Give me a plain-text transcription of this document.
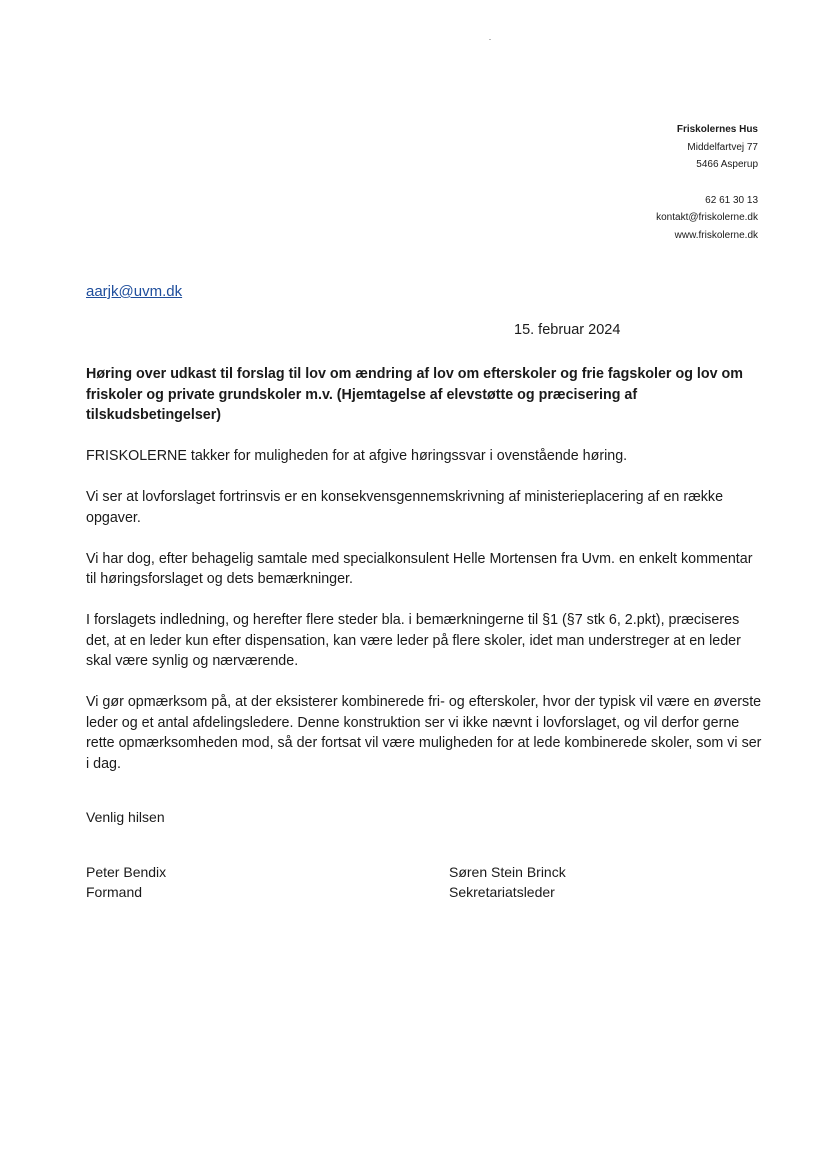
Friskolernes Hus
Middelfartvej 77
5466 Asperup
62 61 30 13
kontakt@friskolerne.dk
www.friskolerne.dk
aarjk@uvm.dk
15. februar 2024
Høring over udkast til forslag til lov om ændring af lov om efterskoler og frie fagskoler og lov om friskoler og private grundskoler m.v. (Hjemtagelse af elevstøtte og præcisering af tilskudsbetingelser)

FRISKOLERNE takker for muligheden for at afgive høringssvar i ovenstående høring.

Vi ser at lovforslaget fortrinsvis er en konsekvensgennemskrivning af ministerieplacering af en række opgaver.

Vi har dog, efter behagelig samtale med specialkonsulent Helle Mortensen fra Uvm. en enkelt kommentar til høringsforslaget og dets bemærkninger.

I forslagets indledning, og herefter flere steder bla. i bemærkningerne til §1 (§7 stk 6, 2.pkt), præciseres det, at en leder kun efter dispensation, kan være leder på flere skoler, idet man understreger at en leder skal være synlig og nærværende.

Vi gør opmærksom på, at der eksisterer kombinerede fri- og efterskoler, hvor der typisk vil være en øverste leder og et antal afdelingsledere. Denne konstruktion ser vi ikke nævnt i lovforslaget, og vil derfor gerne rette opmærksomheden mod, så der fortsat vil være muligheden for at lede kombinerede skoler, som vi ser i dag.

Venlig hilsen
Peter Bendix
Formand
Søren Stein Brinck
Sekretariatsleder
